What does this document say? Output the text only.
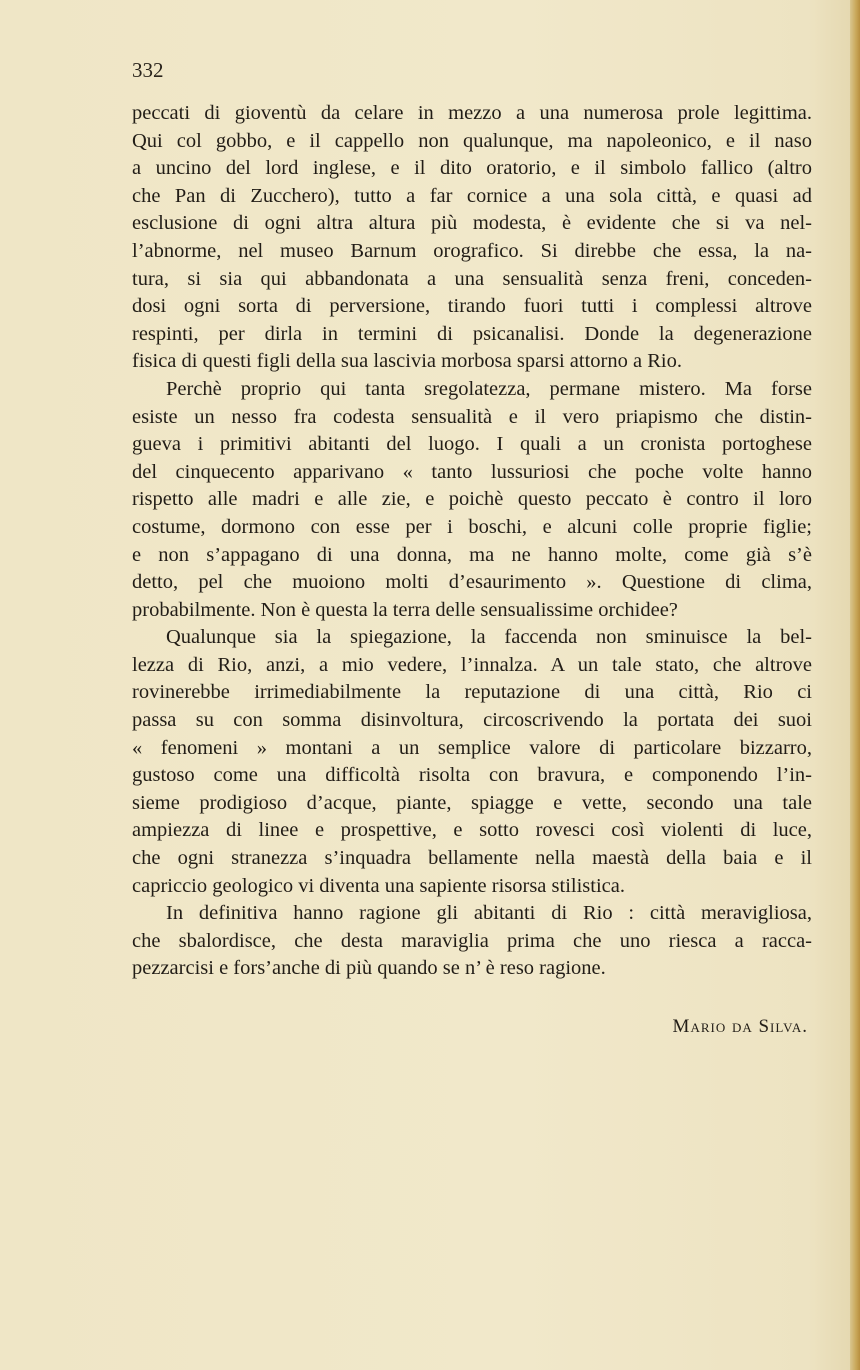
332
peccati di gioventù da celare in mezzo a una numerosa prole legittima.
Qui col gobbo, e il cappello non qualunque, ma napoleonico, e il naso
a uncino del lord inglese, e il dito oratorio, e il simbolo fallico (altro
che Pan di Zucchero), tutto a far cornice a una sola città, e quasi ad
esclusione di ogni altra altura più modesta, è evidente che si va nel-
l’abnorme, nel museo Barnum orografico. Si direbbe che essa, la na-
tura, si sia qui abbandonata a una sensualità senza freni, conceden-
dosi ogni sorta di perversione, tirando fuori tutti i complessi altrove
respinti, per dirla in termini di psicanalisi. Donde la degenerazione
fisica di questi figli della sua lascivia morbosa sparsi attorno a Rio.
Perchè proprio qui tanta sregolatezza, permane mistero. Ma forse
esiste un nesso fra codesta sensualità e il vero priapismo che distin-
gueva i primitivi abitanti del luogo. I quali a un cronista portoghese
del cinquecento apparivano « tanto lussuriosi che poche volte hanno
rispetto alle madri e alle zie, e poichè questo peccato è contro il loro
costume, dormono con esse per i boschi, e alcuni colle proprie figlie;
e non s’appagano di una donna, ma ne hanno molte, come già s’è
detto, pel che muoiono molti d’esaurimento ». Questione di clima,
probabilmente. Non è questa la terra delle sensualissime orchidee?
Qualunque sia la spiegazione, la faccenda non sminuisce la bel-
lezza di Rio, anzi, a mio vedere, l’innalza. A un tale stato, che altrove
rovinerebbe irrimediabilmente la reputazione di una città, Rio ci
passa su con somma disinvoltura, circoscrivendo la portata dei suoi
« fenomeni » montani a un semplice valore di particolare bizzarro,
gustoso come una difficoltà risolta con bravura, e componendo l’in-
sieme prodigioso d’acque, piante, spiagge e vette, secondo una tale
ampiezza di linee e prospettive, e sotto rovesci così violenti di luce,
che ogni stranezza s’inquadra bellamente nella maestà della baia e il
capriccio geologico vi diventa una sapiente risorsa stilistica.
In definitiva hanno ragione gli abitanti di Rio : città meravigliosa,
che sbalordisce, che desta maraviglia prima che uno riesca a racca-
pezzarcisi e fors’anche di più quando se n’ è reso ragione.
Mario da Silva.
